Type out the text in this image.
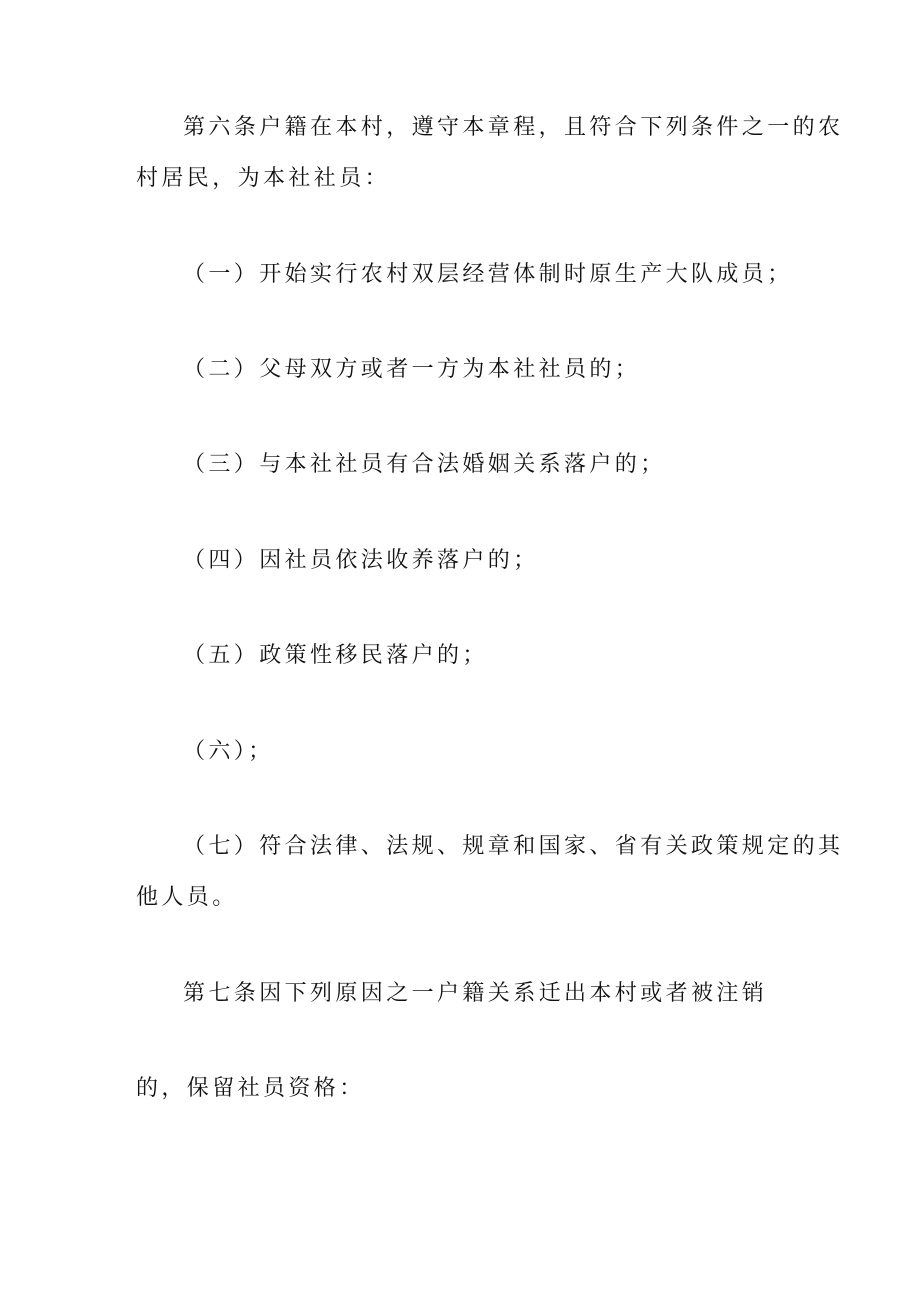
第六条户籍在本村，遵守本章程，且符合下列条件之一的农
村居民，为本社社员：
（一）开始实行农村双层经营体制时原生产大队成员；
（二）父母双方或者一方为本社社员的；
（三）与本社社员有合法婚姻关系落户的；
（四）因社员依法收养落户的；
（五）政策性移民落户的；
（六）；
（七）符合法律、法规、规章和国家、省有关政策规定的其
他人员。
第七条因下列原因之一户籍关系迁出本村或者被注销
的，保留社员资格：
